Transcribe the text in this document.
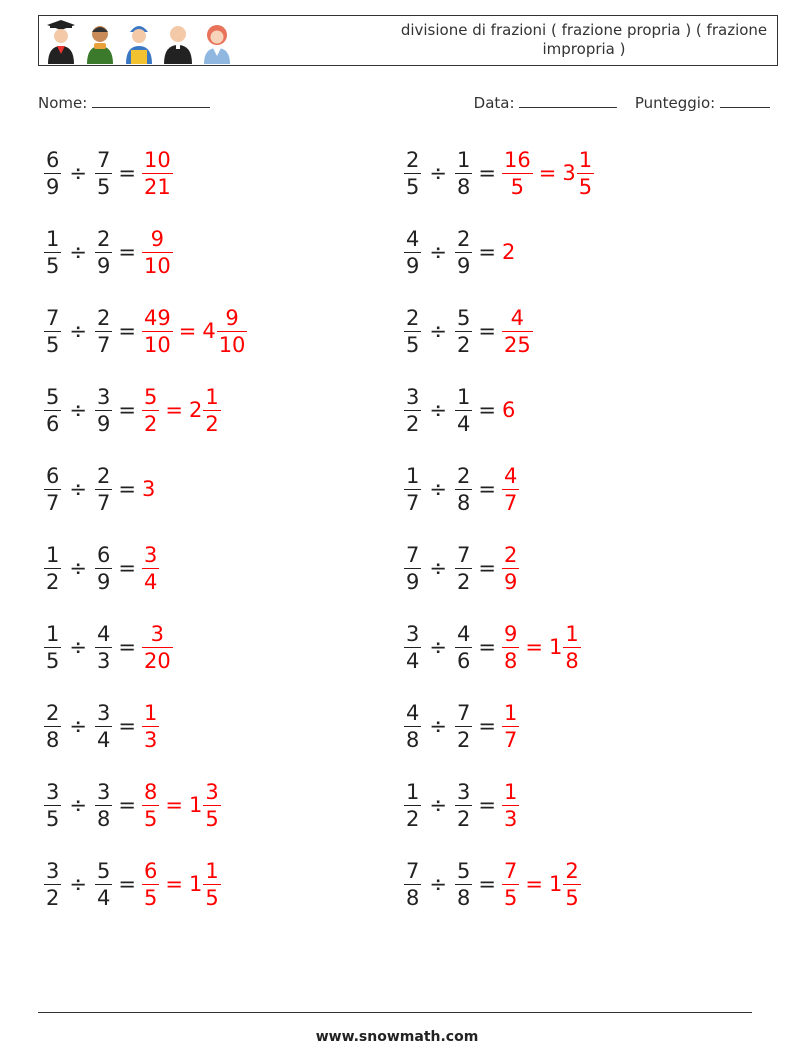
divisione di frazioni ( frazione propria ) ( frazione impropria )
Nome:	Data:	Punteggio:
$\frac{6}{9} \div \frac{7}{5} = \frac{10}{21}$	$\frac{2}{5} \div \frac{1}{8} = \frac{16}{5} = 3 \frac{1}{5}$
$\frac{1}{5} \div \frac{2}{9} = \frac{9}{10}$	$\frac{4}{9} \div \frac{2}{9} = 2$
$\frac{7}{5} \div \frac{2}{7} = \frac{49}{10} = 4 \frac{9}{10}$	$\frac{2}{5} \div \frac{5}{2} = \frac{4}{25}$
$\frac{5}{6} \div \frac{3}{9} = \frac{5}{2} = 2 \frac{1}{2}$	$\frac{3}{2} \div \frac{1}{4} = 6$
$\frac{6}{7} \div \frac{2}{7} = 3$	$\frac{1}{7} \div \frac{2}{8} = \frac{4}{7}$
$\frac{1}{2} \div \frac{6}{9} = \frac{3}{4}$	$\frac{7}{9} \div \frac{7}{2} = \frac{2}{9}$
$\frac{1}{5} \div \frac{4}{3} = \frac{3}{20}$	$\frac{3}{4} \div \frac{4}{6} = \frac{9}{8} = 1 \frac{1}{8}$
$\frac{2}{8} \div \frac{3}{4} = \frac{1}{3}$	$\frac{4}{8} \div \frac{7}{2} = \frac{1}{7}$
$\frac{3}{5} \div \frac{3}{8} = \frac{8}{5} = 1 \frac{3}{5}$	$\frac{1}{2} \div \frac{3}{2} = \frac{1}{3}$
$\frac{3}{2} \div \frac{5}{4} = \frac{6}{5} = 1 \frac{1}{5}$	$\frac{7}{8} \div \frac{5}{8} = \frac{7}{5} = 1 \frac{2}{5}$
www.snowmath.com
